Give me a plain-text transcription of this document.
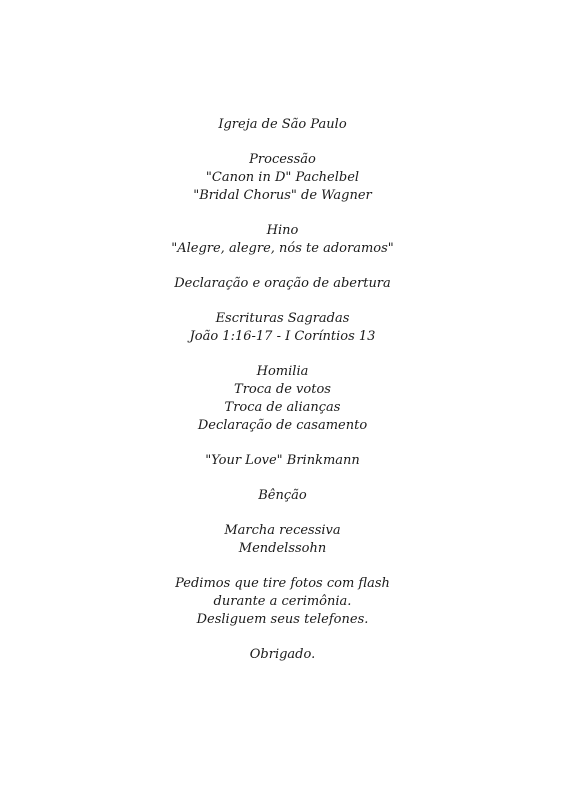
Igreja de São Paulo
Processão
"Canon in D" Pachelbel
"Bridal Chorus" de Wagner
Hino
"Alegre, alegre, nós te adoramos"
Declaração e oração de abertura
Escrituras Sagradas
João 1:16-17 - I Coríntios 13
Homilia
Troca de votos
Troca de alianças
Declaração de casamento
"Your Love" Brinkmann
Bênção
Marcha recessiva
Mendelssohn
Pedimos que tire fotos com flash
durante a cerimônia.
Desliguem seus telefones.
Obrigado.
